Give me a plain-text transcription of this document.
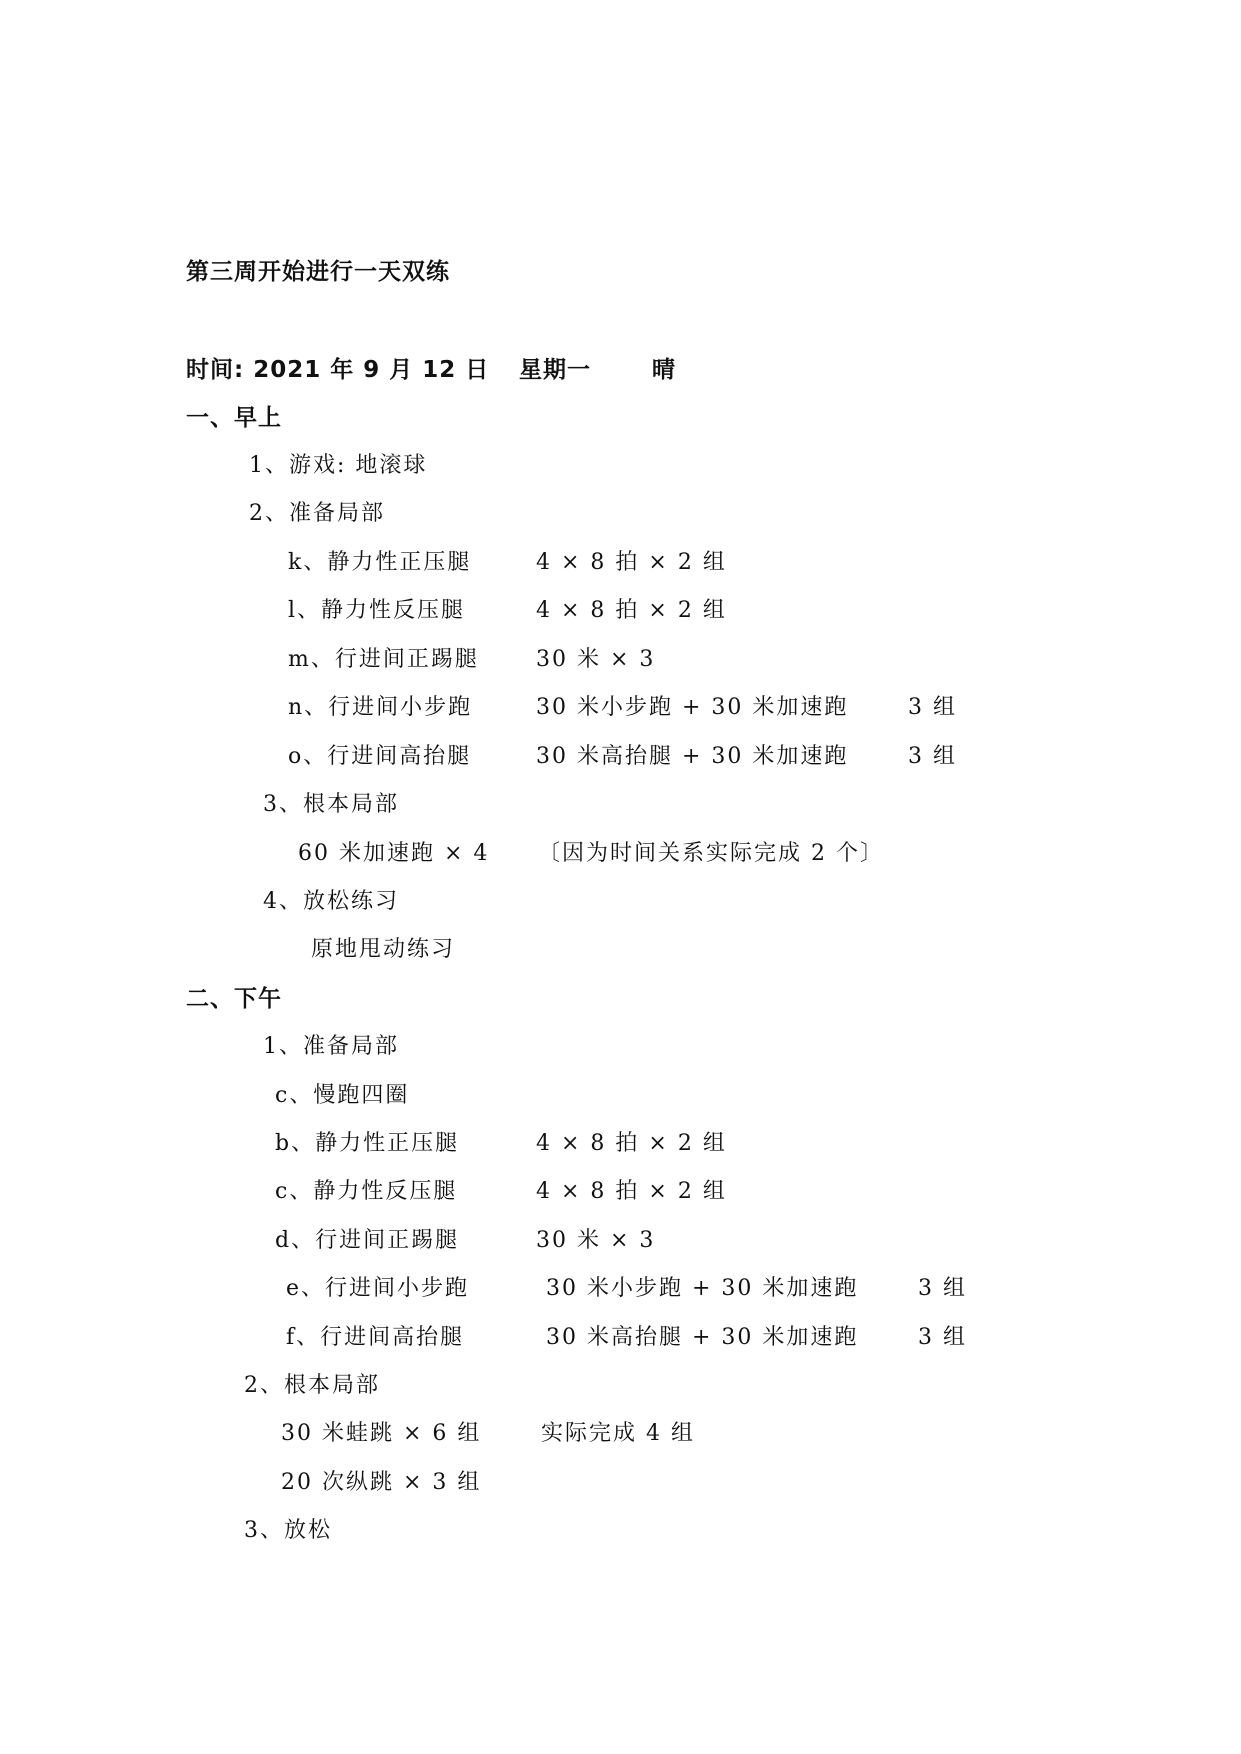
第三周开始进行一天双练
时间: 2021 年 9 月 12 日 星期一	晴
一、早上
1、游戏: 地滚球
2、准备局部
k、静力性正压腿	4 × 8 拍 × 2 组
l、静力性反压腿	4 × 8 拍 × 2 组
m、行进间正踢腿	30 米 × 3
n、行进间小步跑	30 米小步跑 + 30 米加速跑	3 组
o、行进间高抬腿	30 米高抬腿 + 30 米加速跑	3 组
3、根本局部
60 米加速跑 × 4 〔因为时间关系实际完成 2 个〕
4、放松练习
原地甩动练习
二、下午
1、准备局部
c、慢跑四圈
b、静力性正压腿	4 × 8 拍 × 2 组
c、静力性反压腿	4 × 8 拍 × 2 组
d、行进间正踢腿	30 米 × 3
e、行进间小步跑	30 米小步跑 + 30 米加速跑	3 组
f、行进间高抬腿	30 米高抬腿 + 30 米加速跑	3 组
2、根本局部
30 米蛙跳 × 6 组	实际完成 4 组
20 次纵跳 × 3 组
3、放松
